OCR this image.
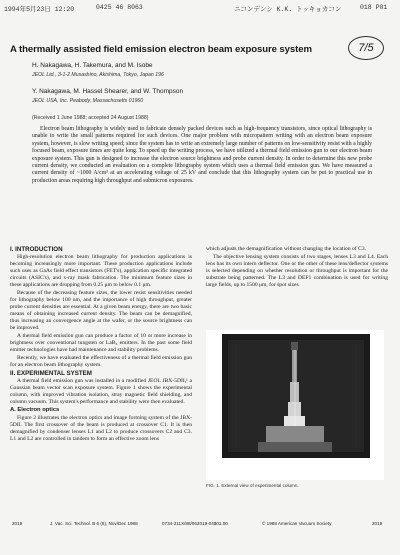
1994年5月23日 12:20	0425 46 8063	ニコンデンシ K.K. トッキョカコン	018 P01
A thermally assisted field emission electron beam exposure system	7/5
H. Nakagawa, H. Takemura, and M. Isobe
JEOL Ltd., 3-1-2 Musashino, Akishima, Tokyo, Japan 196
Y. Nakagawa, M. Hassel Shearer, and W. Thompson
JEOL USA, Inc. Peabody, Massachusetts 01960
(Received 1 June 1988; accepted 24 August 1988)
Electron beam lithography is widely used to fabricate densely packed devices such as high-frequency transistors, since optical lithography is unable to write the small patterns required for such devices. One major problem with micropattern writing with an electron beam exposure system, however, is slow writing speed; since the system has to write an extremely large number of patterns on low-sensitivity resist with a highly focused beam, exposure times are quite long. To speed up the writing process, we have utilized a thermal field emission gun to our electron beam exposure system. This gun is designed to increase the electron source brightness and probe current density. In order to determine this new probe current density, we conducted an evaluation on a complete lithography system which uses a thermal field emission gun. We have measured a current density of ~1000 A/cm² at an accelerating voltage of 25 kV and conclude that this lithography system can be put to practical use in production areas requiring high throughput and submicron exposures.

I. INTRODUCTION

High-resolution electron beam lithography for production applications is becoming increasingly more important. These production applications include such uses as GaAs field effect transistors (FET's), application specific integrated circuits (ASIC's), and x-ray mask fabrication. The minimum feature sizes in these applications are dropping from 0.25 μm to below 0.1 μm.

Because of the decreasing feature sizes, the lower resist sensitivities needed for lithography below 100 nm, and the importance of high throughput, greater probe current densities are essential. At a given beam energy, there are two basic means of obtaining increased current density. The beam can be demagnified, thus increasing an convergence angle at the wafer, or the source brightness can be improved.

A thermal field emission gun can produce a factor of 10 or more increase in brightness over conventional tungsten or LaB₆ emitters. In the past some field emitter technologies have had maintenance and stability problems.

Recently, we have evaluated the effectiveness of a thermal field emission gun for an electron beam lithography system.

II. EXPERIMENTAL SYSTEM

A thermal field emission gun was installed in a modified JEOL JBX-5DII,¹ a Gaussian beam vector scan exposure system. Figure 1 shows the experimental column, with improved vibration isolation, stray magnetic field shielding, and column vacuum. This system's performance and stability were then evaluated.

A. Electron optics

Figure 2 illustrates the electron optics and image forming system of the JBX-5DII. The first crossover of the beam is produced at crossover C1. It is then demagnified by condenser lenses L1 and L2 to produce crossovers C2 and C3. L1 and L2 are controlled in tandem to form an effective zoom lens

which adjusts the demagnification without changing the location of C3.

The objective lensing system consists of two stages, lenses L3 and L4. Each lens has its own intern deflector. One or the other of these lens/deflector systems is selected depending on whether resolution or throughput is important for the substrate being patterned. The L3 and DEF1 combination is used for writing large fields, up to 1500 μm, for spot sizes

FIG. 1. External view of experimental column.
2019	J. Vac. Sci. Technol. B 6 (6), Nov/Dec 1988	0734-211X/88/062019-04$01.00	© 1988 American Vacuum Society	2019
